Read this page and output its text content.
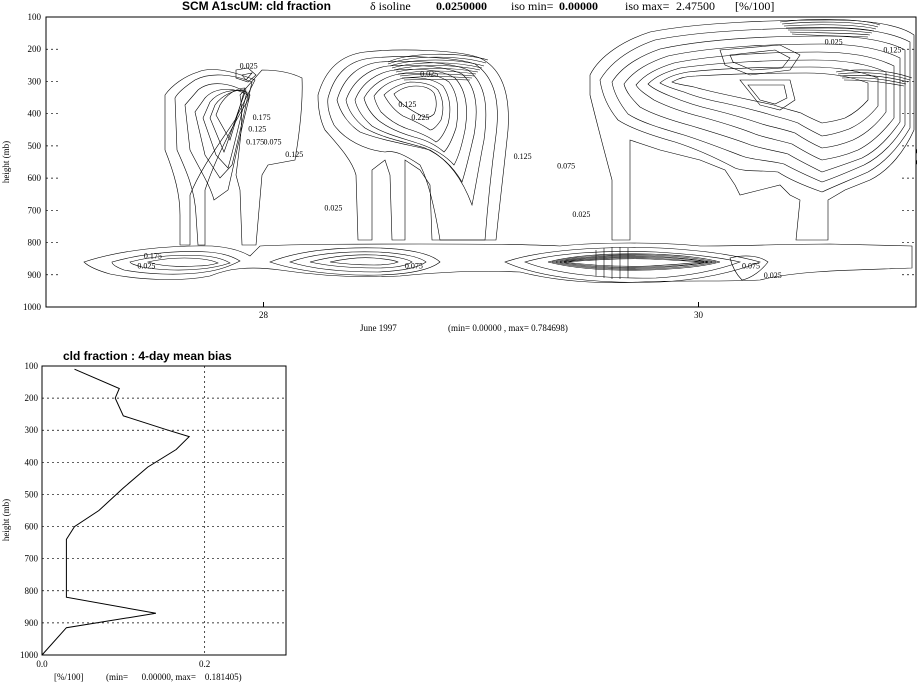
SCM A1scUM: cld fraction	δ isoline 0.0250000 iso min= 0.00000 iso max= 2.47500 [%/100]
100
200
300
400
500
600
700
800
900
1000
28	30
0.025
0.175
0.125
0.175 0.075
0.125
0.025
0.125
0.225
0.125
0.075
0.025
0.025
0.175
0.025	0.075	0.075
0.025
0.025
0.125
June 1997	(min= 0.00000 , max= 0.784698)
height (mb)
cld fraction : 4-day mean bias
100
200
300
400
500
600
700
800
900
1000
0.0	0.2
height (mb)
[%/100]	(min=      0.00000, max=    0.181405)
